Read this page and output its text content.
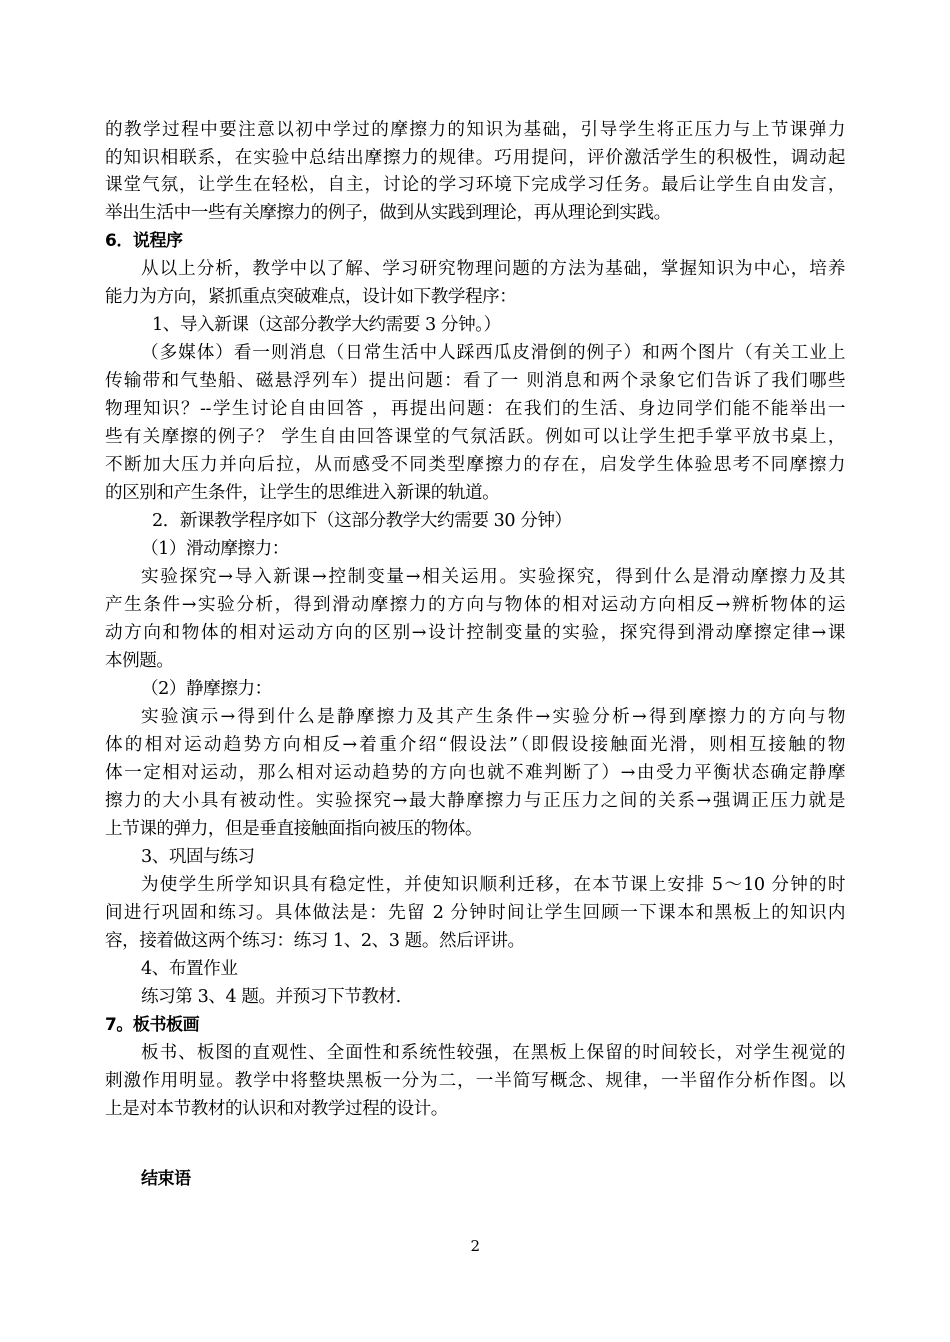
的教学过程中要注意以初中学过的摩擦力的知识为基础，引导学生将正压力与上节课弹力
的知识相联系，在实验中总结出摩擦力的规律。巧用提问，评价激活学生的积极性，调动起
课堂气氛，让学生在轻松，自主，讨论的学习环境下完成学习任务。最后让学生自由发言，
举出生活中一些有关摩擦力的例子，做到从实践到理论，再从理论到实践。
6．说程序
从以上分析，教学中以了解、学习研究物理问题的方法为基础，掌握知识为中心，培养
能力为方向，紧抓重点突破难点，设计如下教学程序：
1、导入新课（这部分教学大约需要 3 分钟。）
（多媒体）看一则消息（日常生活中人踩西瓜皮滑倒的例子）和两个图片（有关工业上
传输带和气垫船、磁悬浮列车）提出问题：看了一 则消息和两个录象它们告诉了我们哪些
物理知识？--学生讨论自由回答 ，再提出问题：在我们的生活、身边同学们能不能举出一
些有关摩擦的例子？ 学生自由回答课堂的气氛活跃。例如可以让学生把手掌平放书桌上，
不断加大压力并向后拉，从而感受不同类型摩擦力的存在，启发学生体验思考不同摩擦力
的区别和产生条件，让学生的思维进入新课的轨道。
2．新课教学程序如下（这部分教学大约需要 30 分钟）
（1）滑动摩擦力：
实验探究→导入新课→控制变量→相关运用。实验探究，得到什么是滑动摩擦力及其
产生条件→实验分析，得到滑动摩擦力的方向与物体的相对运动方向相反→辨析物体的运
动方向和物体的相对运动方向的区别→设计控制变量的实验，探究得到滑动摩擦定律→课
本例题。
（2）静摩擦力：
实验演示→得到什么是静摩擦力及其产生条件→实验分析→得到摩擦力的方向与物
体的相对运动趋势方向相反→着重介绍“假设法”（即假设接触面光滑，则相互接触的物
体一定相对运动，那么相对运动趋势的方向也就不难判断了）→由受力平衡状态确定静摩
擦力的大小具有被动性。实验探究→最大静摩擦力与正压力之间的关系→强调正压力就是
上节课的弹力，但是垂直接触面指向被压的物体。
3、巩固与练习
为使学生所学知识具有稳定性，并使知识顺利迁移，在本节课上安排 5～10 分钟的时
间进行巩固和练习。具体做法是：先留 2 分钟时间让学生回顾一下课本和黑板上的知识内
容，接着做这两个练习：练习 1、2、3 题。然后评讲。
4、布置作业
练习第 3、4 题。并预习下节教材.
7。板书板画
板书、板图的直观性、全面性和系统性较强，在黑板上保留的时间较长，对学生视觉的
刺激作用明显。教学中将整块黑板一分为二，一半简写概念、规律，一半留作分析作图。以
上是对本节教材的认识和对教学过程的设计。
结束语
2
